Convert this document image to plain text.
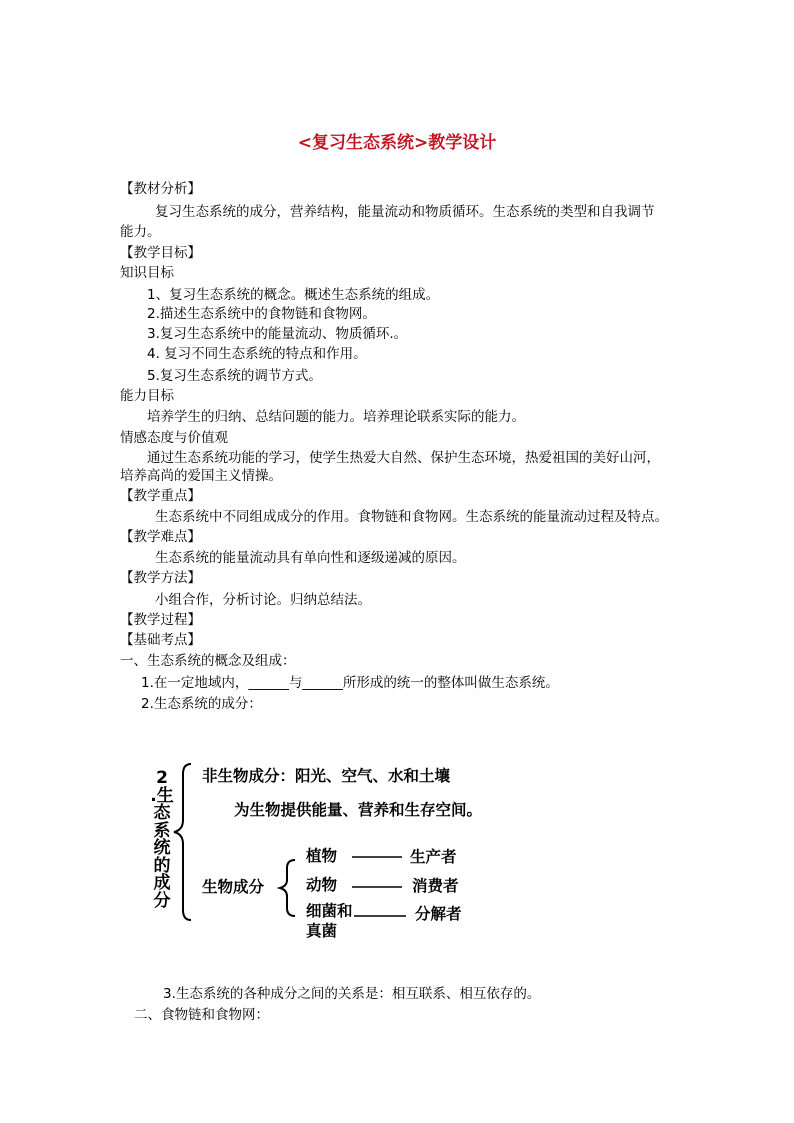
<复习生态系统>教学设计
【教材分析】
复习生态系统的成分，营养结构，能量流动和物质循环。生态系统的类型和自我调节
能力。
【教学目标】
知识目标
1、复习生态系统的概念。概述生态系统的组成。
2.描述生态系统中的食物链和食物网。
3.复习生态系统中的能量流动、物质循环.。
4. 复习不同生态系统的特点和作用。
5.复习生态系统的调节方式。
能力目标
培养学生的归纳、总结问题的能力。培养理论联系实际的能力。
情感态度与价值观
通过生态系统功能的学习，使学生热爱大自然、保护生态环境，热爱祖国的美好山河，
培养高尚的爱国主义情操。
【教学重点】
生态系统中不同组成成分的作用。食物链和食物网。生态系统的能量流动过程及特点。
【教学难点】
生态系统的能量流动具有单向性和逐级递减的原因。
【教学方法】
小组合作，分析讨论。归纳总结法。
【教学过程】
【基础考点】
一、生态系统的概念及组成：
1.在一定地域内，______与______所形成的统一的整体叫做生态系统。
2.生态系统的成分：
2
.生
态
系
统
的
成
分
非生物成分：阳光、空气、水和土壤
为生物提供能量、营养和生存空间。
生物成分
植物	生产者
动物	消费者
细菌和
真菌
分解者
3.生态系统的各种成分之间的关系是：相互联系、相互依存的。
二、食物链和食物网：
